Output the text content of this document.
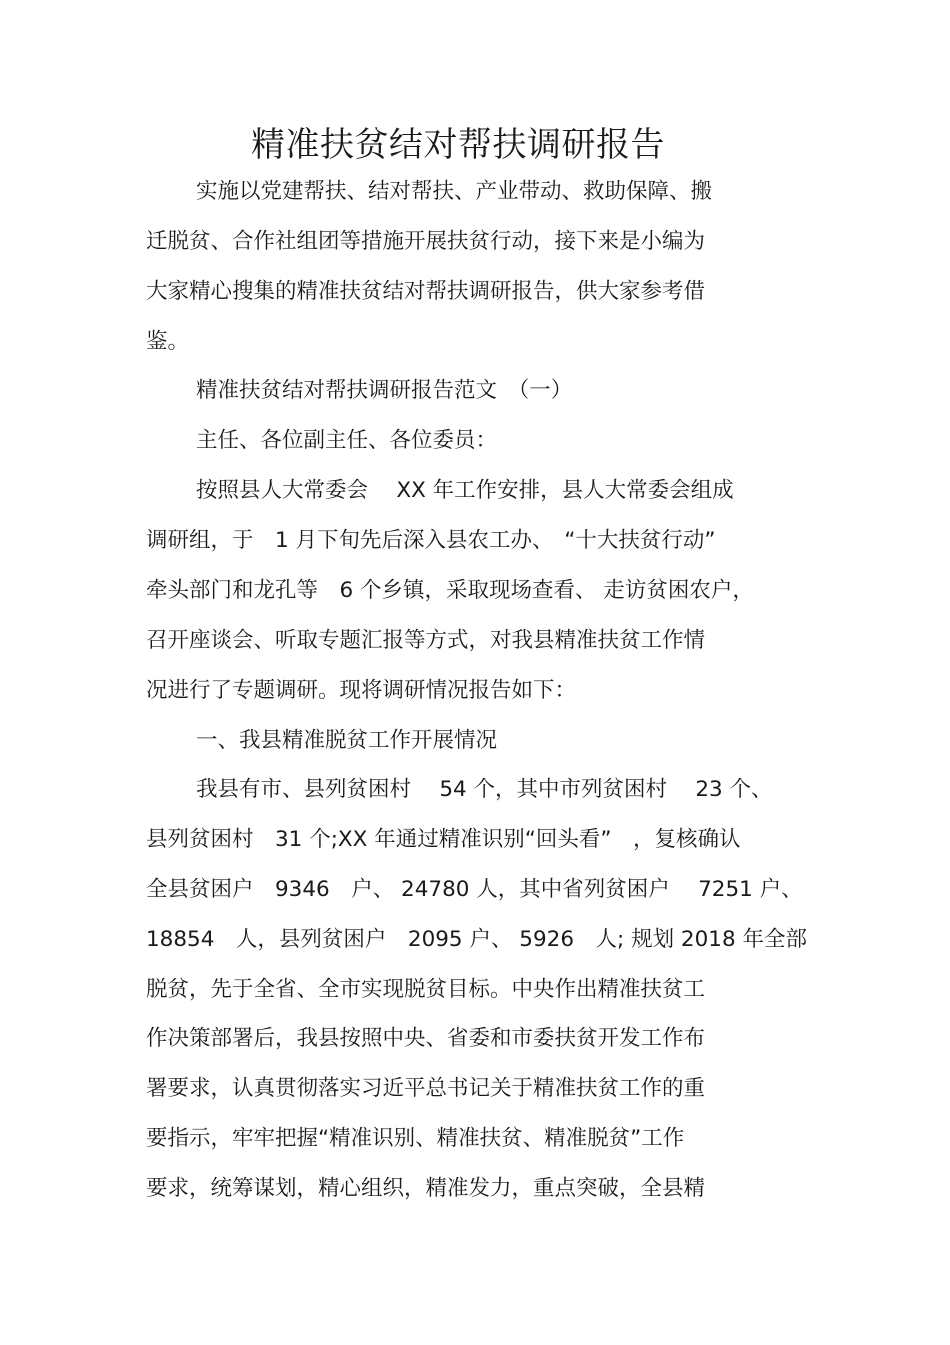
精准扶贫结对帮扶调研报告
实施以党建帮扶、结对帮扶、产业带动、救助保障、搬
迁脱贫、合作社组团等措施开展扶贫行动，接下来是小编为
大家精心搜集的精准扶贫结对帮扶调研报告，供大家参考借
鉴。
精准扶贫结对帮扶调研报告范文　（一）
主任、各位副主任、各位委员：
按照县人大常委会　 XX 年工作安排，县人大常委会组成
调研组，于　1 月下旬先后深入县农工办、　“十大扶贫行动”
牵头部门和龙孔等　6 个乡镇，采取现场查看、 走访贫困农户，
召开座谈会、听取专题汇报等方式，对我县精准扶贫工作情
况进行了专题调研。现将调研情况报告如下：
一、我县精准脱贫工作开展情况
我县有市、县列贫困村　 54 个，其中市列贫困村　 23 个、
县列贫困村　31 个;XX 年通过精准识别“回头看”　，复核确认
全县贫困户　9346　户、 24780 人，其中省列贫困户　 7251 户、
18854　人，县列贫困户　2095 户、 5926　人; 规划 2018 年全部
脱贫，先于全省、全市实现脱贫目标。中央作出精准扶贫工
作决策部署后，我县按照中央、省委和市委扶贫开发工作布
署要求，认真贯彻落实习近平总书记关于精准扶贫工作的重
要指示，牢牢把握“精准识别、精准扶贫、精准脱贫”工作
要求，统筹谋划，精心组织，精准发力，重点突破，全县精
